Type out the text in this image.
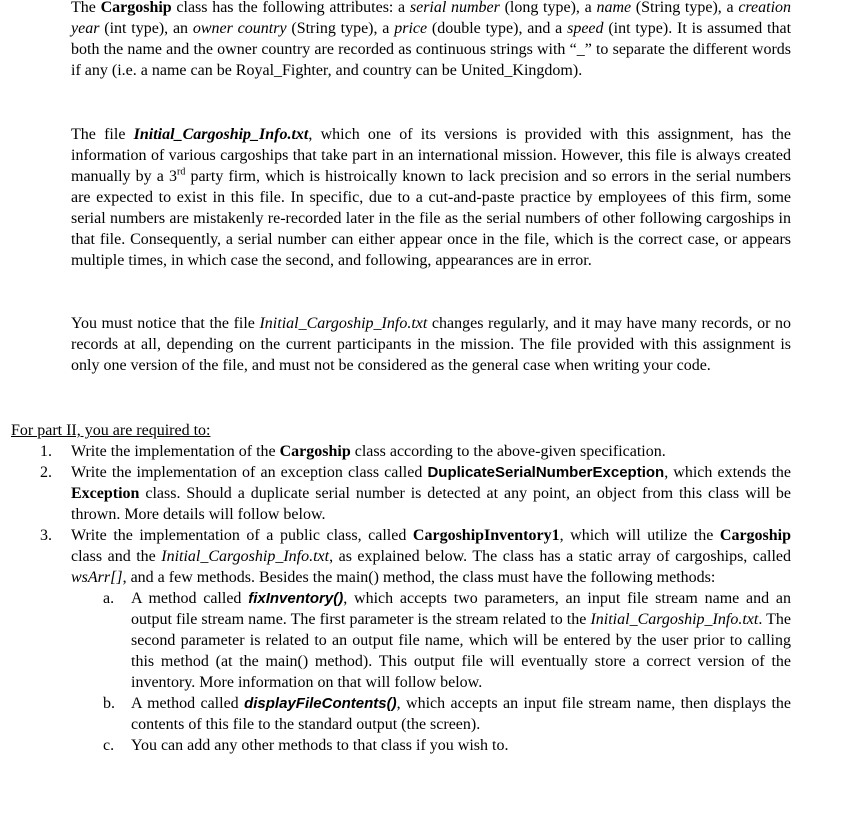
The Cargoship class has the following attributes: a serial number (long type), a name (String type), a creation year (int type), an owner country (String type), a price (double type), and a speed (int type). It is assumed that both the name and the owner country are recorded as continuous strings with “_” to separate the different words if any (i.e. a name can be Royal_Fighter, and country can be United_Kingdom).

The file Initial_Cargoship_Info.txt, which one of its versions is provided with this assignment, has the information of various cargoships that take part in an international mission. However, this file is always created manually by a 3rd party firm, which is histroically known to lack precision and so errors in the serial numbers are expected to exist in this file. In specific, due to a cut-and-paste practice by employees of this firm, some serial numbers are mistakenly re-recorded later in the file as the serial numbers of other following cargoships in that file. Consequently, a serial number can either appear once in the file, which is the correct case, or appears multiple times, in which case the second, and following, appearances are in error.

You must notice that the file Initial_Cargoship_Info.txt changes regularly, and it may have many records, or no records at all, depending on the current participants in the mission. The file provided with this assignment is only one version of the file, and must not be considered as the general case when writing your code.

For part II, you are required to:

1. Write the implementation of the Cargoship class according to the above-given specification.
2. Write the implementation of an exception class called DuplicateSerialNumberException, which extends the Exception class. Should a duplicate serial number is detected at any point, an object from this class will be thrown. More details will follow below.
3. Write the implementation of a public class, called CargoshipInventory1, which will utilize the Cargoship class and the Initial_Cargoship_Info.txt, as explained below. The class has a static array of cargoships, called wsArr[], and a few methods. Besides the main() method, the class must have the following methods:
a. A method called fixInventory(), which accepts two parameters, an input file stream name and an output file stream name. The first parameter is the stream related to the Initial_Cargoship_Info.txt. The second parameter is related to an output file name, which will be entered by the user prior to calling this method (at the main() method). This output file will eventually store a correct version of the inventory. More information on that will follow below.
b. A method called displayFileContents(), which accepts an input file stream name, then displays the contents of this file to the standard output (the screen).
c. You can add any other methods to that class if you wish to.
